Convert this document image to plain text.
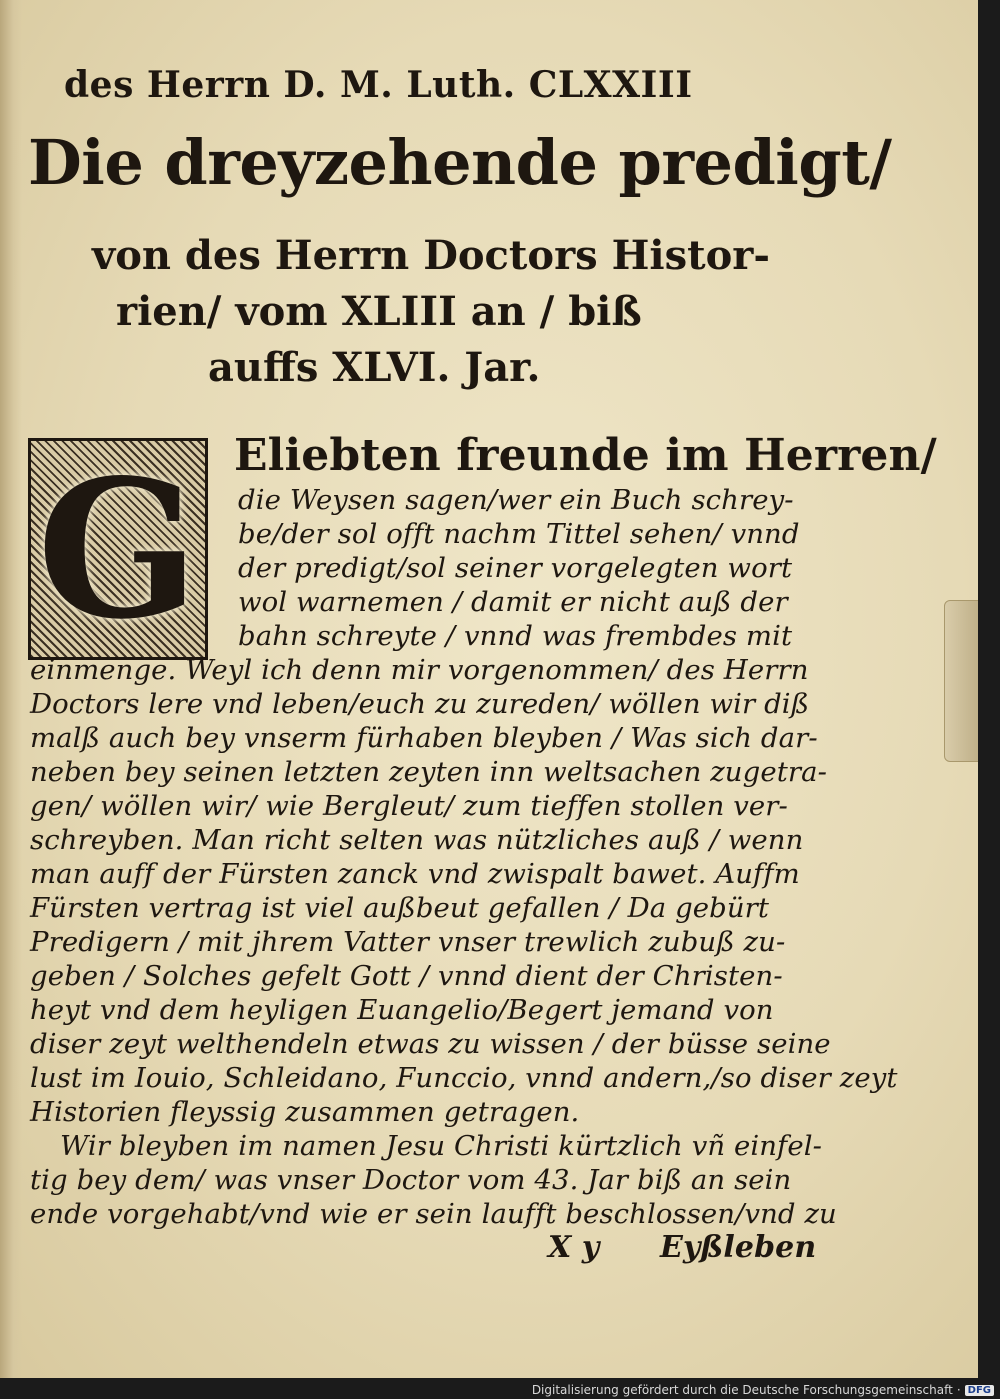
des Herrn D. M. Luth. CLXXIII
Die dreyzehende predigt/
von des Herrn Doctors Histor-
rien/ vom XLIII an / biß
auffs XLVI. Jar.
G Eliebten freunde im Herren/
die Weysen sagen/wer ein Buch schrey-
be/der sol offt nachm Tittel sehen/ vnnd
der predigt/sol seiner vorgelegten wort
wol warnemen / damit er nicht auß der
bahn schreyte / vnnd was frembdes mit
einmenge. Weyl ich denn mir vorgenommen/ des Herrn
Doctors lere vnd leben/euch zu zureden/ wöllen wir diß
malß auch bey vnserm fürhaben bleyben / Was sich dar-
neben bey seinen letzten zeyten inn weltsachen zugetra-
gen/ wöllen wir/ wie Bergleut/ zum tieffen stollen ver-
schreyben. Man richt selten was nützliches auß / wenn
man auff der Fürsten zanck vnd zwispalt bawet. Auffm
Fürsten vertrag ist viel außbeut gefallen / Da gebürt
Predigern / mit jhrem Vatter vnser trewlich zubuß zu-
geben / Solches gefelt Gott / vnnd dient der Christen-
heyt vnd dem heyligen Euangelio/Begert jemand von
diser zeyt welthendeln etwas zu wissen / der büsse seine
lust im Iouio, Schleidano, Funccio, vnnd andern,/so diser zeyt
Historien fleyssig zusammen getragen.
Wir bleyben im namen Jesu Christi kürtzlich vñ einfel-
tig bey dem/ was vnser Doctor vom 43. Jar biß an sein
ende vorgehabt/vnd wie er sein laufft beschlossen/vnd zu
X y Eyßleben
Digitalisierung gefördert durch die Deutsche Forschungsgemeinschaft · DFG
